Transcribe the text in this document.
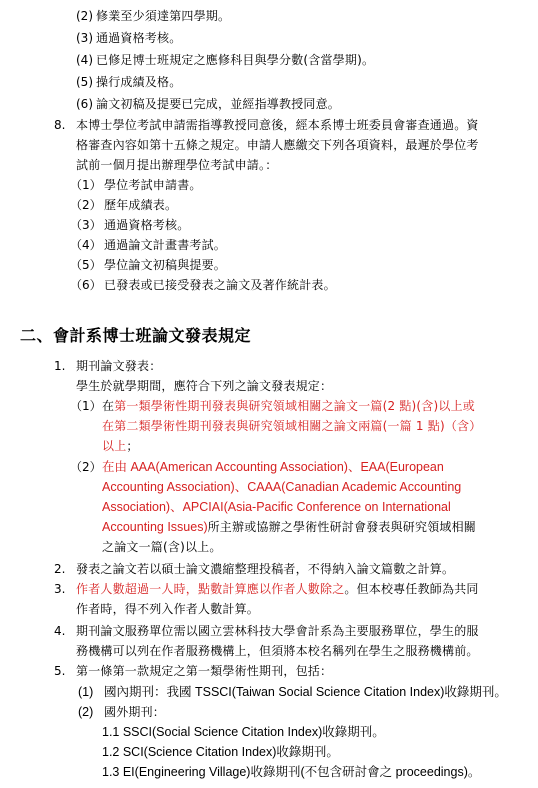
(2) 修業至少須達第四學期。
(3) 通過資格考核。
(4) 已修足博士班規定之應修科目與學分數(含當學期)。
(5) 操行成績及格。
(6) 論文初稿及提要已完成，並經指導教授同意。
8. 本博士學位考試申請需指導教授同意後，經本系博士班委員會審查通過。資
格審查內容如第十五條之規定。申請人應繳交下列各項資料，最遲於學位考
試前一個月提出辦理學位考試申請。：
（1） 學位考試申請書。
（2） 歷年成績表。
（3） 通過資格考核。
（4） 通過論文計畫書考試。
（5） 學位論文初稿與提要。
（6） 已發表或已接受發表之論文及著作統計表。
二、會計系博士班論文發表規定
1. 期刊論文發表：
學生於就學期間，應符合下列之論文發表規定：
（1） 在第一類學術性期刊發表與研究領域相關之論文一篇(2 點)(含)以上或
在第二類學術性期刊發表與研究領域相關之論文兩篇(一篇 1 點)（含）
以上；
（2） 在由 AAA(American Accounting Association)、EAA(European
Accounting Association)、CAAA(Canadian Academic Accounting
Association)、APCIAI(Asia-Pacific Conference on International
Accounting Issues)所主辦或協辦之學術性研討會發表與研究領域相關
之論文一篇(含)以上。
2. 發表之論文若以碩士論文濃縮整理投稿者，不得納入論文篇數之計算。
3. 作者人數超過一人時，點數計算應以作者人數除之。但本校專任教師為共同
作者時，得不列入作者人數計算。
4. 期刊論文服務單位需以國立雲林科技大學會計系為主要服務單位，學生的服
務機構可以列在作者服務機構上，但須將本校名稱列在學生之服務機構前。
5. 第一條第一款規定之第一類學術性期刊，包括：
(1) 國內期刊：我國 TSSCI(Taiwan Social Science Citation Index)收錄期刊。
(2) 國外期刊：
1.1 SSCI(Social Science Citation Index)收錄期刊。
1.2 SCI(Science Citation Index)收錄期刊。
1.3 EI(Engineering Village)收錄期刊(不包含研討會之 proceedings)。
